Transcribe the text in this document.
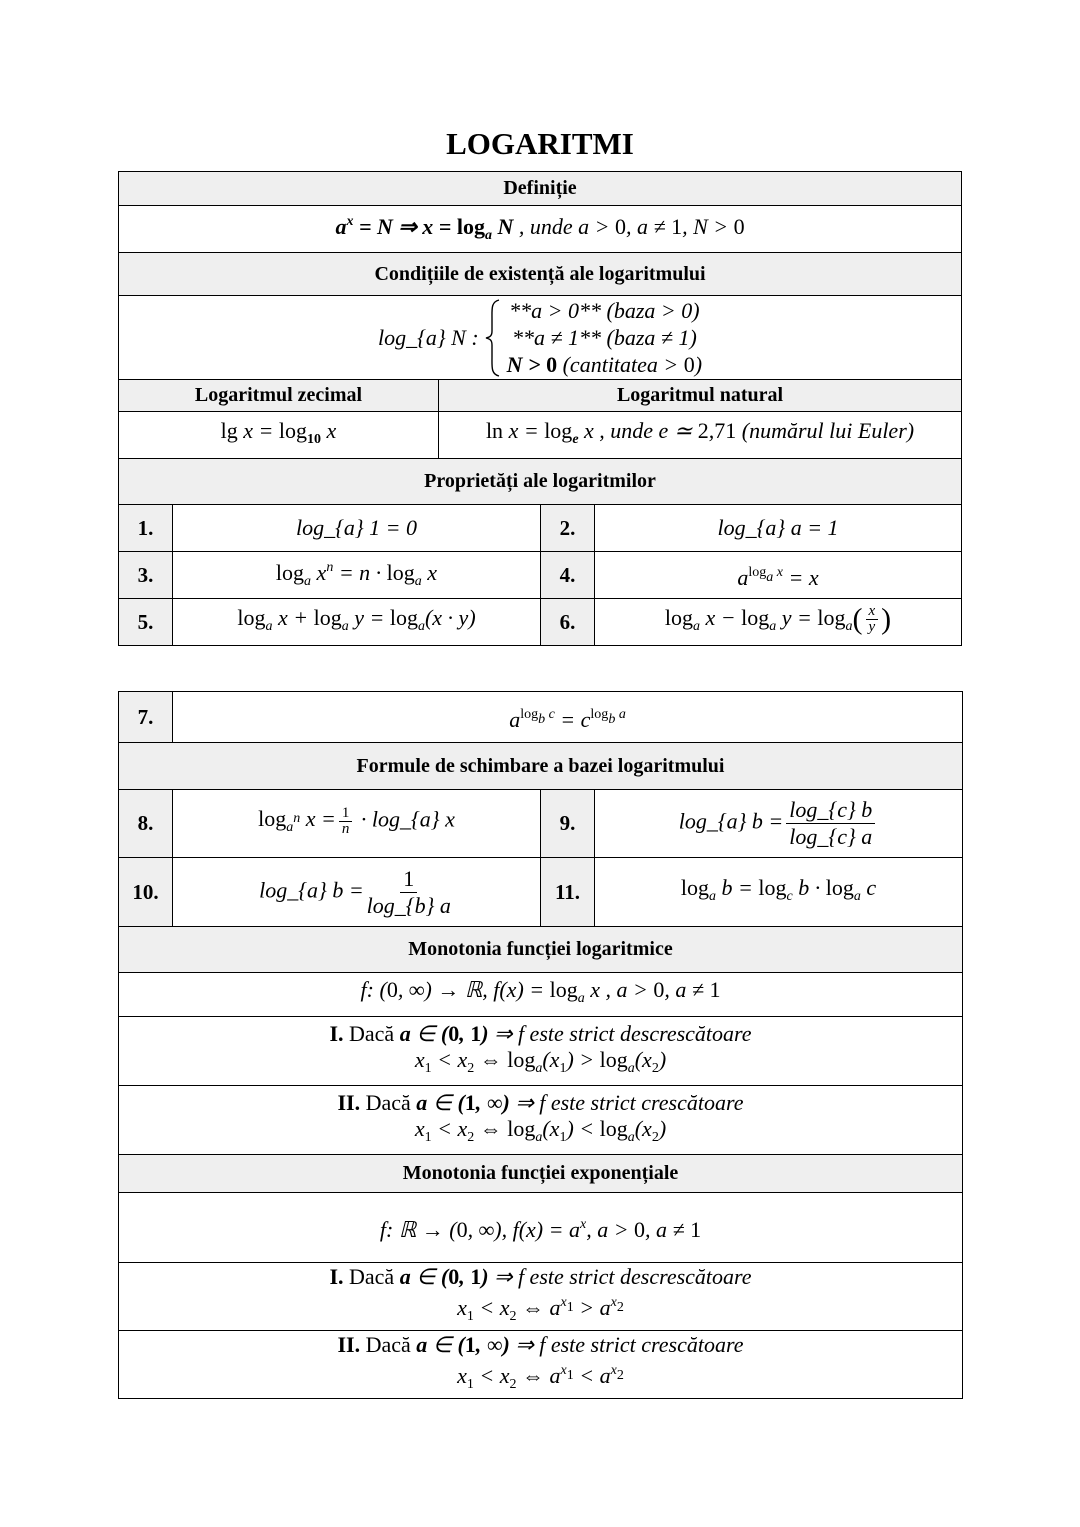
LOGARITMI
Definiție				
$a^x = N$ ⇒ $x = \log_a N$ , unde a > 0, a ≠ 1, N > 0				
Condițiile de existență ale logaritmului				

log_{a} N :
**a > 0** (baza > 0)
**a ≠ 1** (baza ≠ 1)
N > 0 (cantitatea > 0)				

Logaritmul zecimal		Logaritmul natural		
$\lg x = \log_{10} x$		$\ln x = \log_e x$ , unde e ≃ 2,71 (numărul lui Euler)		
Proprietăți ale logaritmilor				
1.	log_{a} 1 = 0		2.	log_{a} a = 1
3.	$\log_a x^n = n \cdot \log_a x$		4.	$a^{log_a x} = x$
5.	$\log_a x + \log_a y = \log_a(x \cdot y)$		6.	$\log_a x - \log_a y = \log_a( \frac{x}{y}$ )
7.	$a^{log_b c} = c^{log_b a}$
Formule de schimbare a bazei logaritmului			
8.	$\log_{a^n} x = \frac{1}{n}$ · log_{a} x	9.	log_{a} $b = \frac{\log\_\{c\} b}{\log\_\{c\} a}$

10.	log_{a} $b = \frac{1}{\log\_\{b\} a}$	11.	$\log_a b = \log_c b \cdot \log_a c$
Monotonia funcției logaritmice			
f: (0, ∞) → ℝ, $f(x) = \log_a x$ , a > 0, a ≠ 1			

I. Dacă a ∈ (0, 1) ⇒ f este strict descrescătoare
$x_1 < x_2$ ⇔ $\log_a(x_1) > \log_a(x_2)$			

II. Dacă a ∈ (1, ∞) ⇒ f este strict crescătoare
$x_1 < x_2$ ⇔ $\log_a(x_1) < \log_a(x_2)$			

Monotonia funcției exponențiale			
f: ℝ → (0, ∞), $f(x) = a^x$, a > 0, a ≠ 1			

I. Dacă a ∈ (0, 1) ⇒ f este strict descrescătoare
$x_1 < x_2$ ⇔ $a^{x_1} > a^{x_2}$

II. Dacă a ∈ (1, ∞) ⇒ f este strict crescătoare
$x_1 < x_2$ ⇔ $a^{x_1} < a^{x_2}$
